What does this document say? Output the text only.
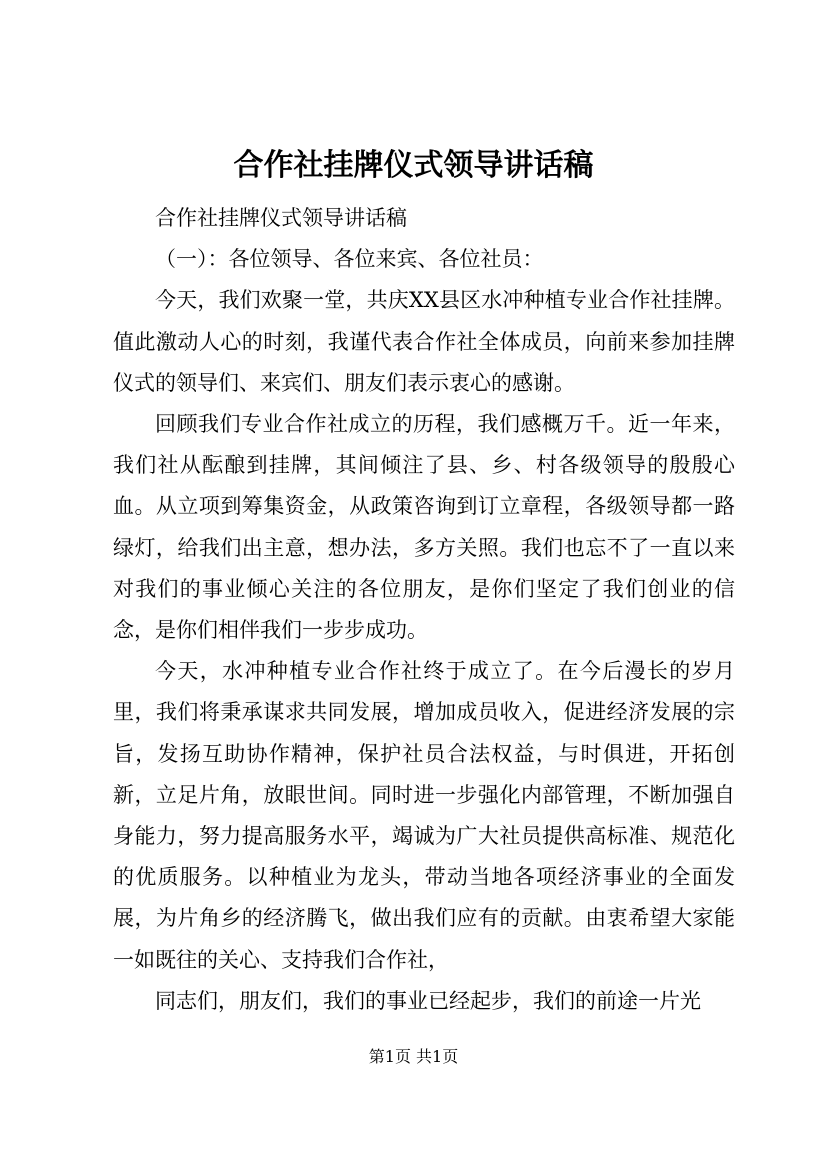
合作社挂牌仪式领导讲话稿

合作社挂牌仪式领导讲话稿

（一）：各位领导、各位来宾、各位社员：

今天，我们欢聚一堂，共庆XX县区水冲种植专业合作社挂牌。值此激动人心的时刻，我谨代表合作社全体成员，向前来参加挂牌仪式的领导们、来宾们、朋友们表示衷心的感谢。

回顾我们专业合作社成立的历程，我们感概万千。近一年来，我们社从酝酿到挂牌，其间倾注了县、乡、村各级领导的殷殷心血。从立项到筹集资金，从政策咨询到订立章程，各级领导都一路绿灯，给我们出主意，想办法，多方关照。我们也忘不了一直以来对我们的事业倾心关注的各位朋友，是你们坚定了我们创业的信念，是你们相伴我们一步步成功。

今天，水冲种植专业合作社终于成立了。在今后漫长的岁月里，我们将秉承谋求共同发展，增加成员收入，促进经济发展的宗旨，发扬互助协作精神，保护社员合法权益，与时俱进，开拓创新，立足片角，放眼世间。同时进一步强化内部管理，不断加强自身能力，努力提高服务水平，竭诚为广大社员提供高标准、规范化的优质服务。以种植业为龙头，带动当地各项经济事业的全面发展，为片角乡的经济腾飞，做出我们应有的贡献。由衷希望大家能一如既往的关心、支持我们合作社，

同志们，朋友们，我们的事业已经起步，我们的前途一片光

第1页 共1页
